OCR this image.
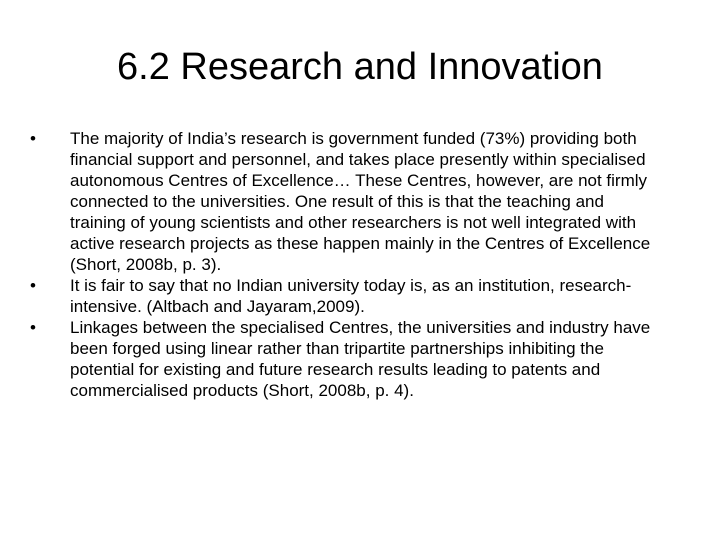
6.2 Research and Innovation
•	The majority of India’s research is government funded (73%) providing both financial support and personnel, and takes place presently within specialised autonomous Centres of Excellence… These Centres, however, are not firmly connected to the universities. One result of this is that the teaching and training of young scientists and other researchers is not well integrated with active research projects as these happen mainly in the Centres of Excellence (Short, 2008b, p. 3).
•	It is fair to say that no Indian university today is, as an institution, research-intensive. (Altbach and Jayaram,2009).
•	Linkages between the specialised Centres, the universities and industry have been forged using linear rather than tripartite partnerships inhibiting the potential for existing and future research results leading to patents and commercialised products (Short, 2008b, p. 4).
